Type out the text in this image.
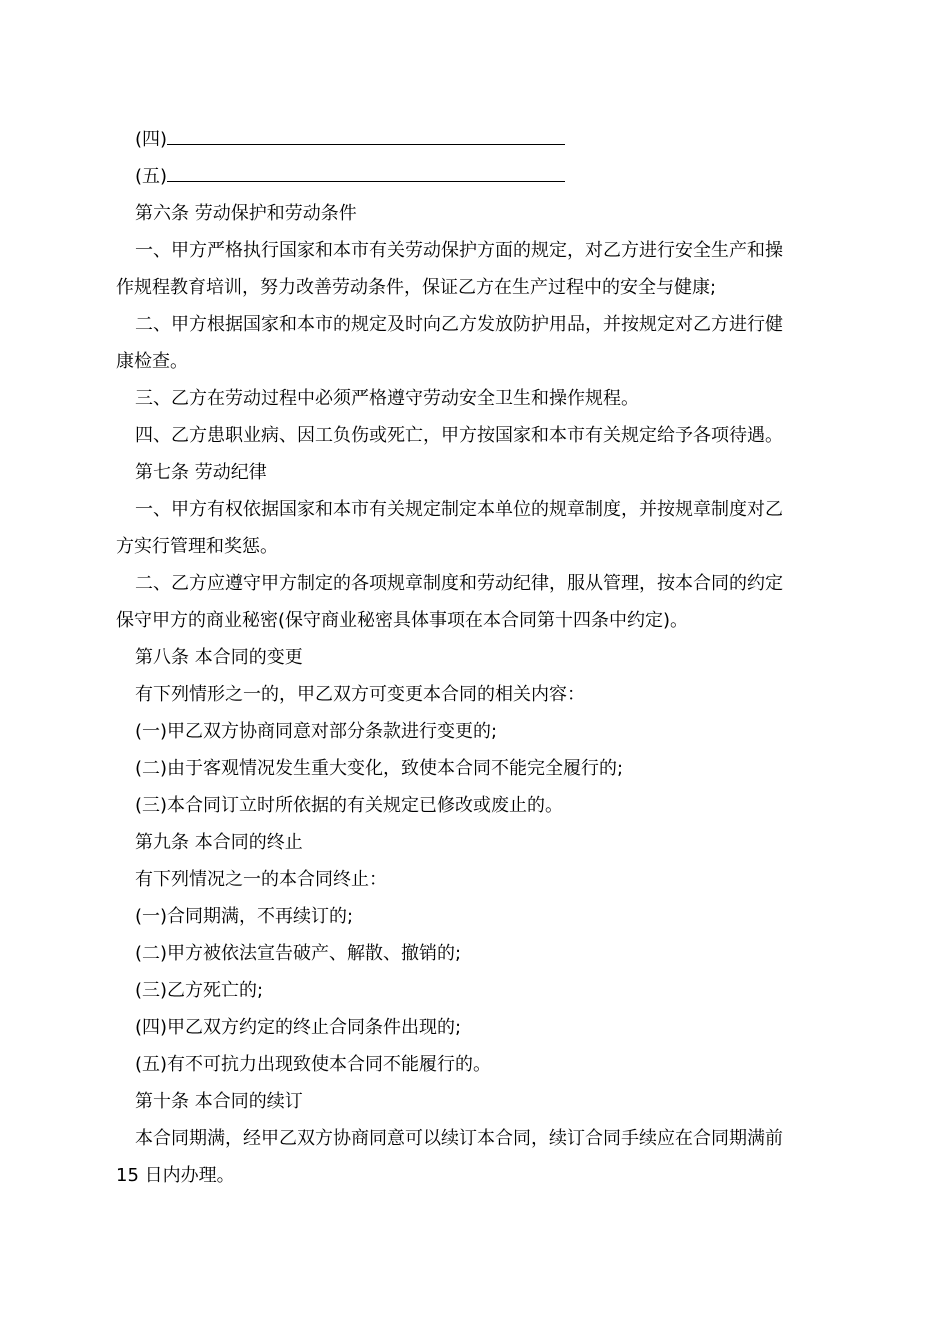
(四)
(五)
第六条 劳动保护和劳动条件
一、甲方严格执行国家和本市有关劳动保护方面的规定，对乙方进行安全生产和操
作规程教育培训，努力改善劳动条件，保证乙方在生产过程中的安全与健康;
二、甲方根据国家和本市的规定及时向乙方发放防护用品，并按规定对乙方进行健
康检查。
三、乙方在劳动过程中必须严格遵守劳动安全卫生和操作规程。
四、乙方患职业病、因工负伤或死亡，甲方按国家和本市有关规定给予各项待遇。
第七条 劳动纪律
一、甲方有权依据国家和本市有关规定制定本单位的规章制度，并按规章制度对乙
方实行管理和奖惩。
二、乙方应遵守甲方制定的各项规章制度和劳动纪律，服从管理，按本合同的约定
保守甲方的商业秘密(保守商业秘密具体事项在本合同第十四条中约定)。
第八条 本合同的变更
有下列情形之一的，甲乙双方可变更本合同的相关内容：
(一)甲乙双方协商同意对部分条款进行变更的;
(二)由于客观情况发生重大变化，致使本合同不能完全履行的;
(三)本合同订立时所依据的有关规定已修改或废止的。
第九条 本合同的终止
有下列情况之一的本合同终止：
(一)合同期满，不再续订的;
(二)甲方被依法宣告破产、解散、撤销的;
(三)乙方死亡的;
(四)甲乙双方约定的终止合同条件出现的;
(五)有不可抗力出现致使本合同不能履行的。
第十条 本合同的续订
本合同期满，经甲乙双方协商同意可以续订本合同，续订合同手续应在合同期满前
15 日内办理。
